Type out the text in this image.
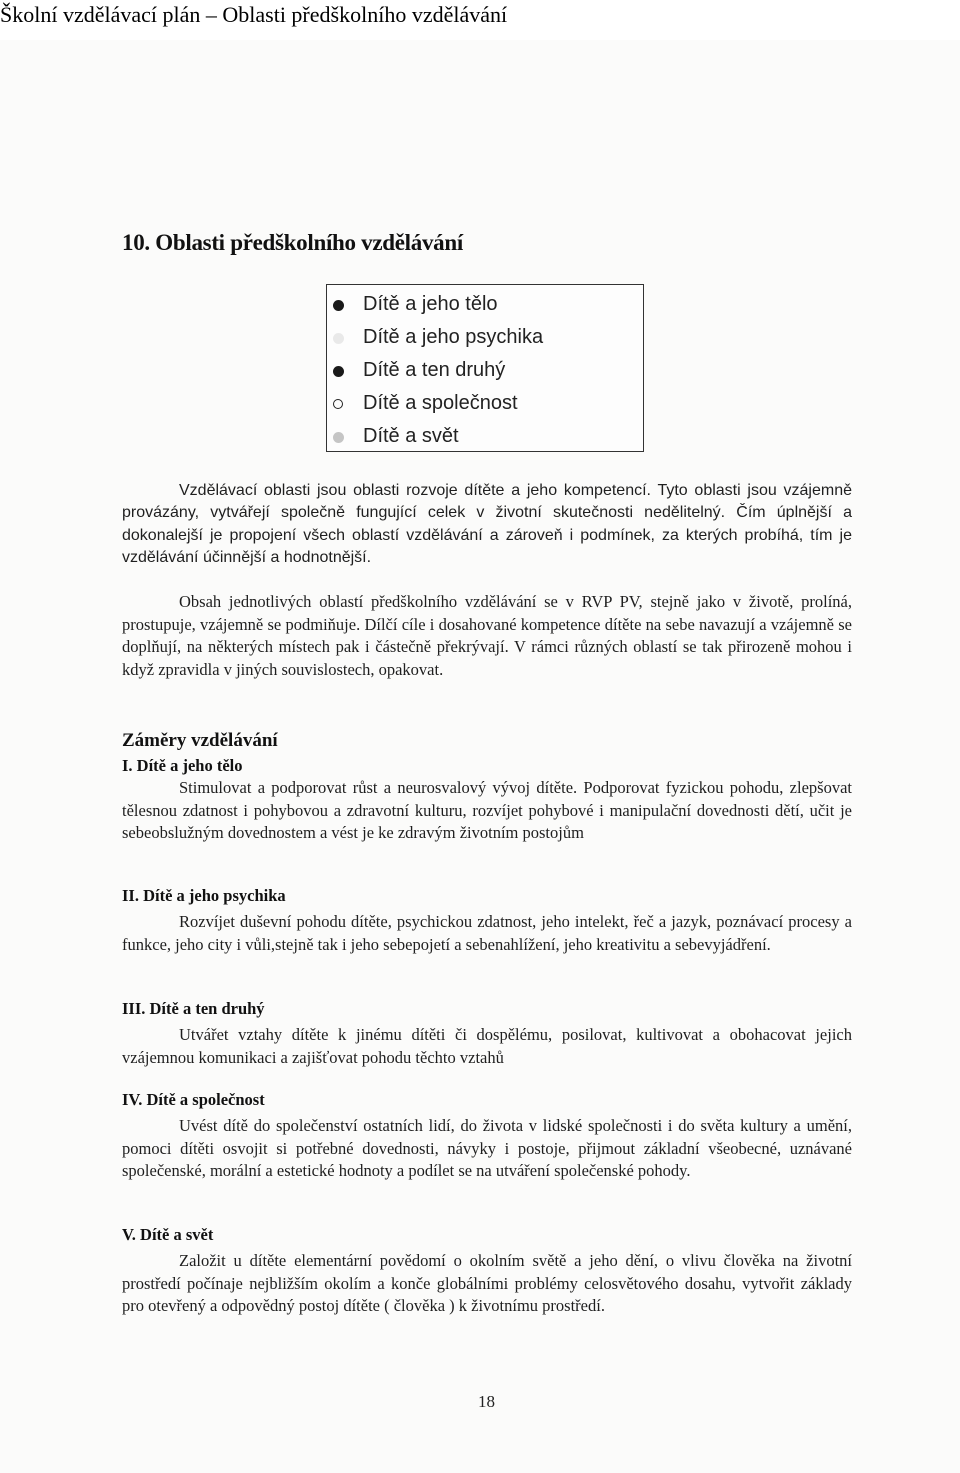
Školní vzdělávací plán – Oblasti předškolního vzdělávání
10. Oblasti předškolního vzdělávání
Dítě a jeho tělo
Dítě a jeho psychika
Dítě a ten druhý
Dítě a společnost
Dítě a svět
Vzdělávací oblasti jsou oblasti rozvoje dítěte a jeho kompetencí. Tyto oblasti jsou vzájemně provázány, vytvářejí společně fungující celek v životní skutečnosti nedělitelný. Čím úplnější a dokonalejší je propojení všech oblastí vzdělávání a zároveň i podmínek, za kterých probíhá, tím je vzdělávání účinnější a hodnotnější.
Obsah jednotlivých oblastí předškolního vzdělávání se v RVP PV, stejně jako v životě, prolíná, prostupuje, vzájemně se podmiňuje. Dílčí cíle i dosahované kompetence dítěte na sebe navazují a vzájemně se doplňují, na některých místech pak i částečně překrývají. V rámci různých oblastí se tak přirozeně mohou i když zpravidla v jiných souvislostech, opakovat.
Záměry vzdělávání
I. Dítě a jeho tělo
Stimulovat a podporovat růst a neurosvalový vývoj dítěte. Podporovat fyzickou pohodu, zlepšovat tělesnou zdatnost i pohybovou a zdravotní kulturu, rozvíjet pohybové i manipulační dovednosti dětí, učit je sebeobslužným dovednostem a vést je ke zdravým životním postojům
II. Dítě a jeho psychika
Rozvíjet duševní pohodu dítěte, psychickou zdatnost, jeho intelekt, řeč a jazyk, poznávací procesy a funkce, jeho city i vůli,stejně tak i jeho sebepojetí a sebenahlížení, jeho kreativitu a sebevyjádření.
III. Dítě a ten druhý
Utvářet vztahy dítěte k jinému dítěti či dospělému, posilovat, kultivovat a obohacovat jejich vzájemnou komunikaci a zajišťovat pohodu těchto vztahů
IV. Dítě a společnost
Uvést dítě do společenství ostatních lidí, do života v lidské společnosti i do světa kultury a umění, pomoci dítěti osvojit si potřebné dovednosti, návyky i postoje, přijmout základní všeobecné, uznávané společenské, morální a estetické hodnoty a podílet se na utváření společenské pohody.
V. Dítě a svět
Založit u dítěte elementární povědomí o okolním světě a jeho dění, o vlivu člověka na životní prostředí počínaje nejbližším okolím a konče globálními problémy celosvětového dosahu, vytvořit základy pro otevřený a odpovědný postoj dítěte ( člověka ) k životnímu prostředí.
18
